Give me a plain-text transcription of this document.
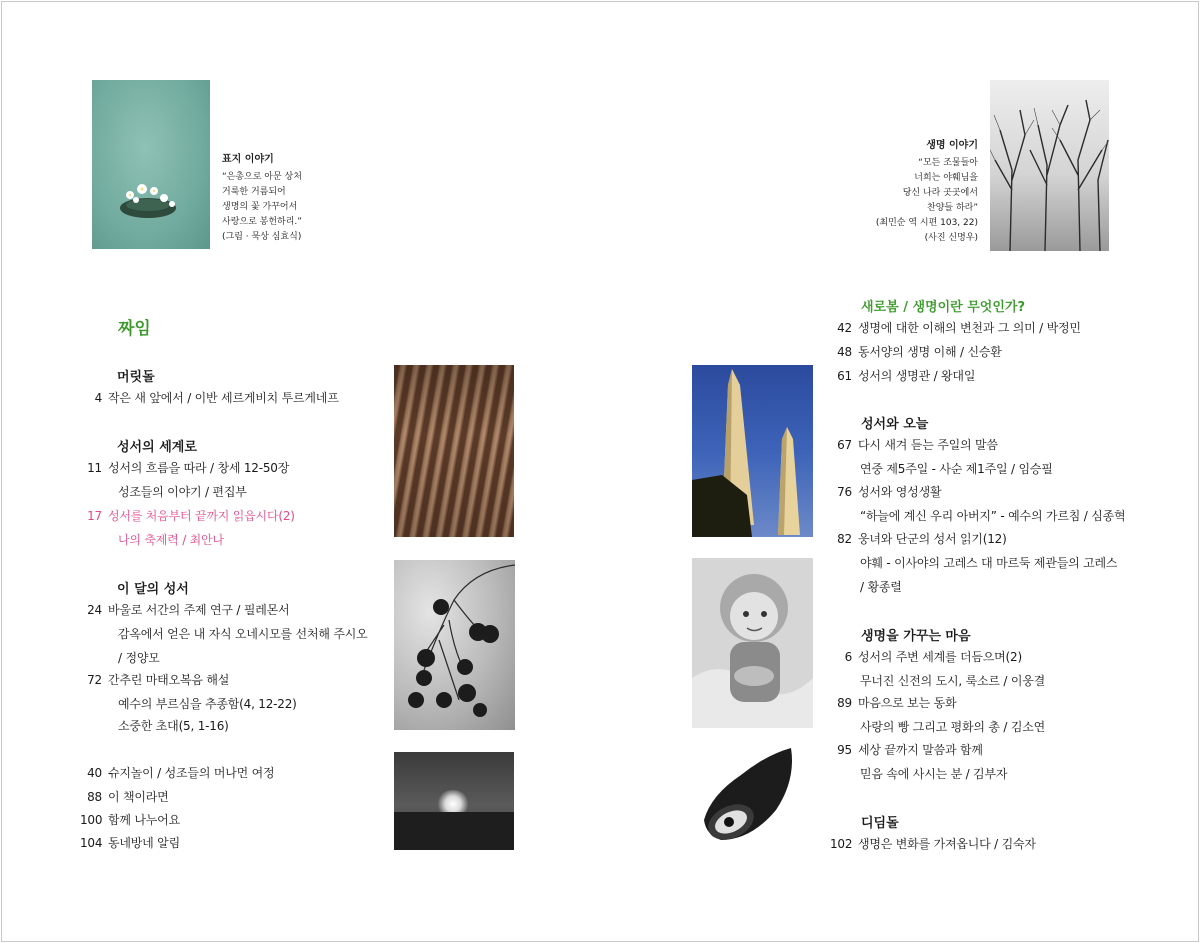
표지 이야기
“은총으로 아문 상처
거룩한 거름되어
생명의 꽃 가꾸어서
사랑으로 봉헌하리.”
(그림 · 묵상 심효식)
생명 이야기
“모든 조물들아
너희는 야훼님을
당신 나라 곳곳에서
찬양들 하라”
(최민순 역 시편 103, 22)
(사진 신명우)
짜임
머릿돌
4 작은 새 앞에서 / 이반 세르게비치 투르게네프
성서의 세계로
11 성서의 흐름을 따라 / 창세 12-50장
성조들의 이야기 / 편집부
17 성서를 처음부터 끝까지 읽읍시다(2)
나의 축제력 / 최안나
이 달의 성서
24 바울로 서간의 주제 연구 / 필레몬서
감옥에서 얻은 내 자식 오네시모를 선처해 주시오
/ 정양모
72 간추린 마태오복음 해설
예수의 부르심을 추종함(4, 12-22)
소중한 초대(5, 1-16)
40 슈지놀이 / 성조들의 머나먼 여정
88 이 책이라면
100 함께 나누어요
104 동네방네 알림
새로봄 / 생명이란 무엇인가?
42 생명에 대한 이해의 변천과 그 의미 / 박정민
48 동서양의 생명 이해 / 신승환
61 성서의 생명관 / 왕대일
성서와 오늘
67 다시 새겨 듣는 주일의 말씀
연중 제5주일 - 사순 제1주일 / 임승필
76 성서와 영성생활
“하늘에 계신 우리 아버지” - 예수의 가르침 / 심종혁
82 웅녀와 단군의 성서 읽기(12)
야훼 - 이사야의 고레스 대 마르둑 제관들의 고레스
/ 황종렬
생명을 가꾸는 마음
6 성서의 주변 세계를 더듬으며(2)
무너진 신전의 도시, 룩소르 / 이웅결
89 마음으로 보는 동화
사랑의 빵 그리고 평화의 총 / 김소연
95 세상 끝까지 말씀과 함께
믿음 속에 사시는 분 / 김부자
디딤돌
102 생명은 변화를 가져옵니다 / 김숙자
